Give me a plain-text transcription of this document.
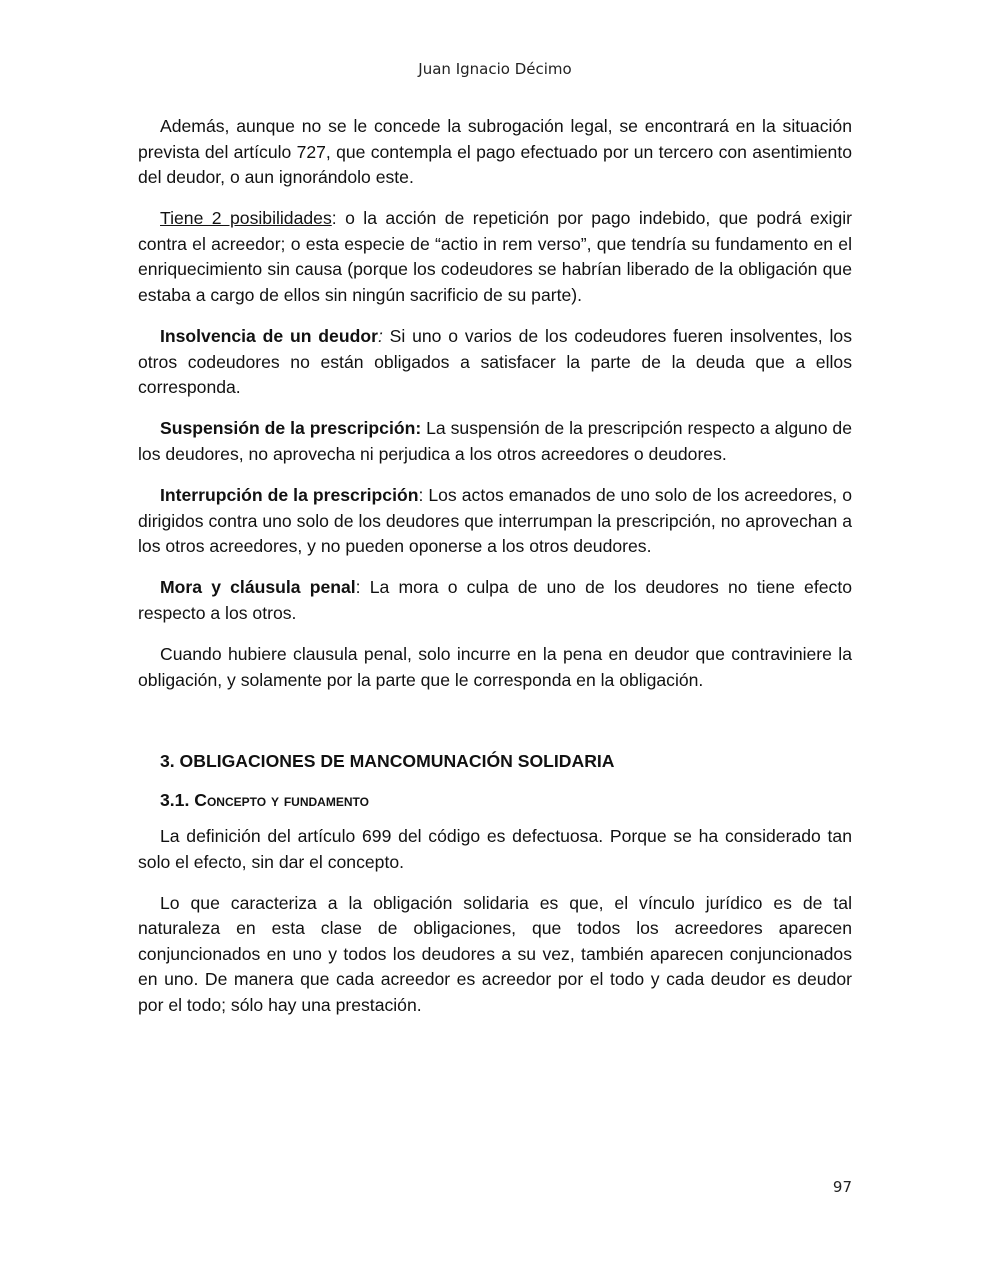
Juan Ignacio Décimo

Además, aunque no se le concede la subrogación legal, se encontrará en la situación prevista del artículo 727, que contempla el pago efectuado por un tercero con asentimiento del deudor, o aun ignorándolo este.

Tiene 2 posibilidades: o la acción de repetición por pago indebido, que podrá exigir contra el acreedor; o esta especie de “actio in rem verso”, que tendría su fundamento en el enriquecimiento sin causa (porque los codeudores se habrían liberado de la obligación que estaba a cargo de ellos sin ningún sacrificio de su parte).

Insolvencia de un deudor: Si uno o varios de los codeudores fueren insolventes, los otros codeudores no están obligados a satisfacer la parte de la deuda que a ellos corresponda.

Suspensión de la prescripción: La suspensión de la prescripción respecto a alguno de los deudores, no aprovecha ni perjudica a los otros acreedores o deudores.

Interrupción de la prescripción: Los actos emanados de uno solo de los acreedores, o dirigidos contra uno solo de los deudores que interrumpan la prescripción, no aprovechan a los otros acreedores, y no pueden oponerse a los otros deudores.

Mora y cláusula penal: La mora o culpa de uno de los deudores no tiene efecto respecto a los otros.

Cuando hubiere clausula penal, solo incurre en la pena en deudor que contraviniere la obligación, y solamente por la parte que le corresponda en la obligación.

3. OBLIGACIONES DE MANCOMUNACIÓN SOLIDARIA
3.1. Concepto y fundamento

La definición del artículo 699 del código es defectuosa. Porque se ha considerado tan solo el efecto, sin dar el concepto.

Lo que caracteriza a la obligación solidaria es que, el vínculo jurídico es de tal naturaleza en esta clase de obligaciones, que todos los acreedores aparecen conjuncionados en uno y todos los deudores a su vez, también aparecen conjuncionados en uno. De manera que cada acreedor es acreedor por el todo y cada deudor es deudor por el todo; sólo hay una prestación.

97
